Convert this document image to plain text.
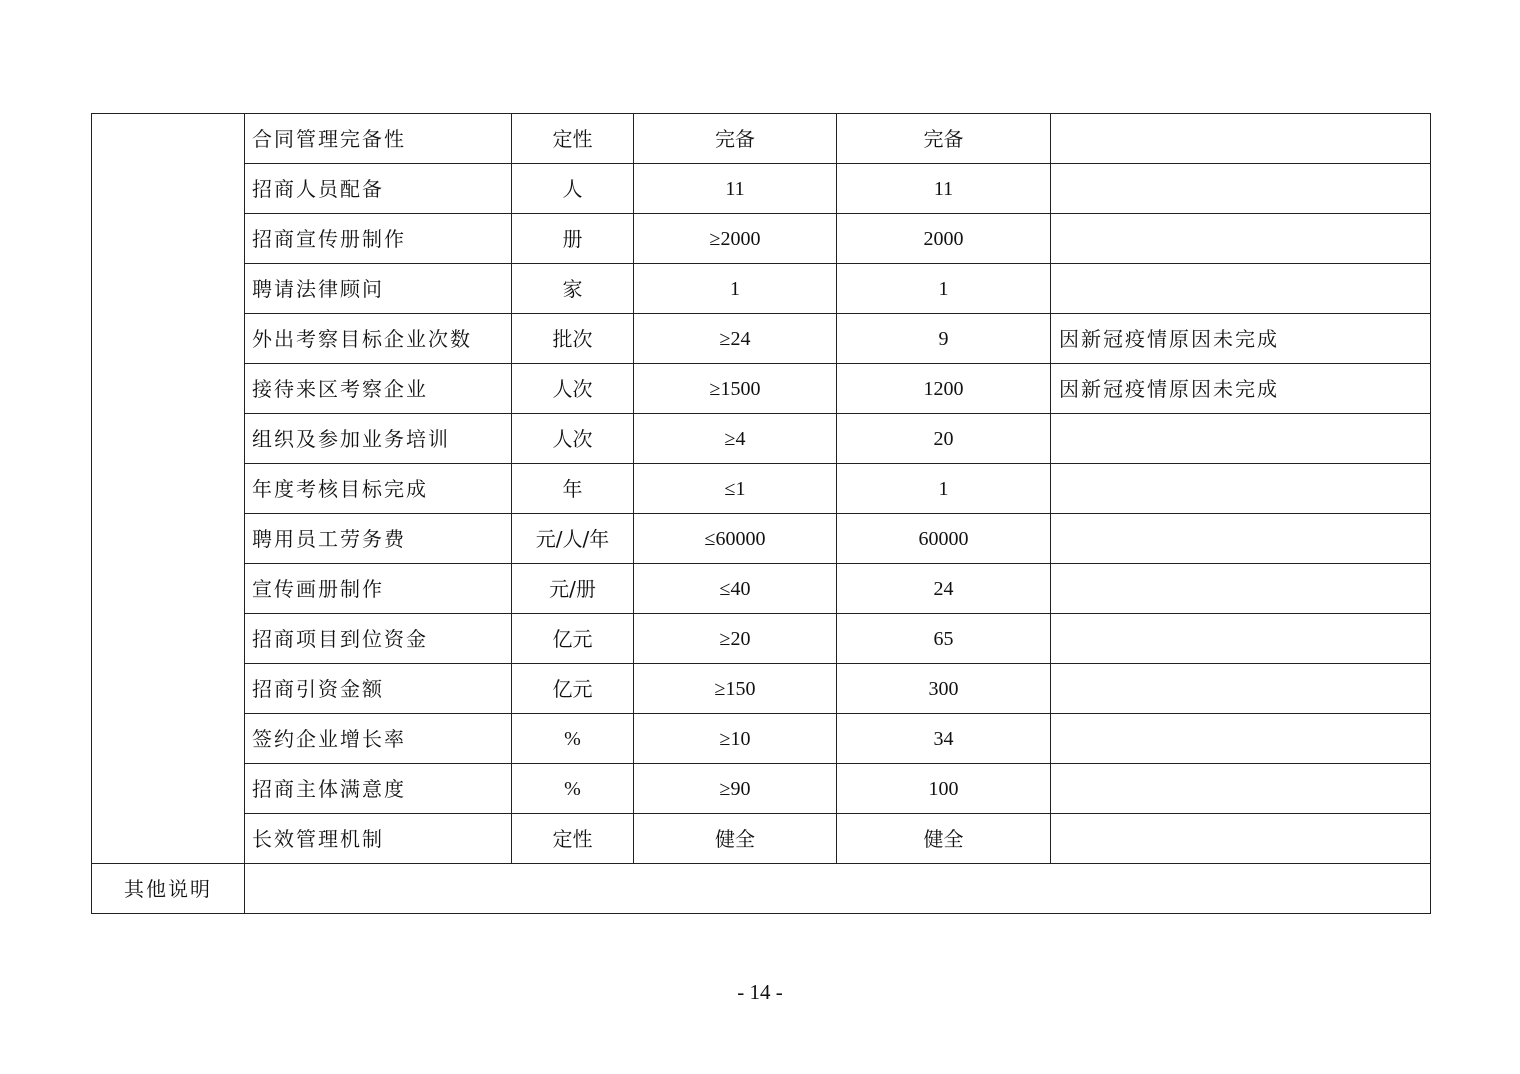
	合同管理完备性	定性	完备	完备	
	招商人员配备	人	11	11	
	招商宣传册制作	册	≥2000	2000	
	聘请法律顾问	家	1	1	
	外出考察目标企业次数	批次	≥24	9	因新冠疫情原因未完成
	接待来区考察企业	人次	≥1500	1200	因新冠疫情原因未完成
	组织及参加业务培训	人次	≥4	20	
	年度考核目标完成	年	≤1	1	
	聘用员工劳务费	元/人/年	≤60000	60000	
	宣传画册制作	元/册	≤40	24	
	招商项目到位资金	亿元	≥20	65	
	招商引资金额	亿元	≥150	300	
	签约企业增长率	%	≥10	34	
	招商主体满意度	%	≥90	100	
	长效管理机制	定性	健全	健全	
其他说明					
- 14 -
